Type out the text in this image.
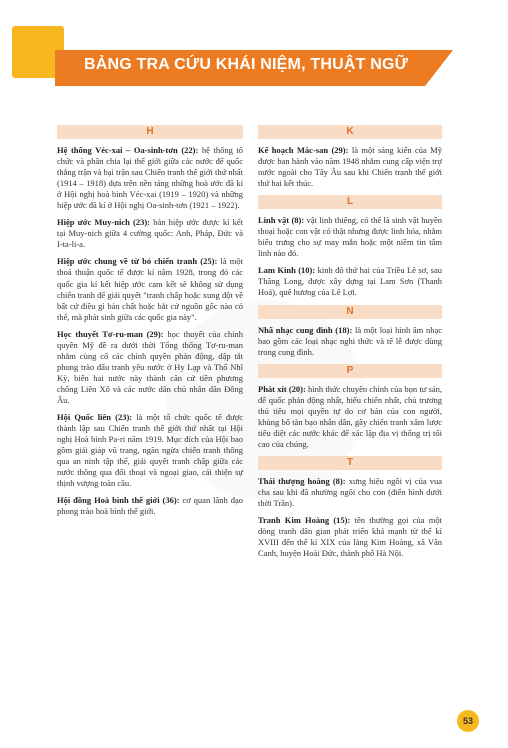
BẢNG TRA CỨU KHÁI NIỆM, THUẬT NGỮ
H

Hệ thống Véc-xai – Oa-sinh-tơn (22): hệ thống tổ chức và phân chia lại thế giới giữa các nước đế quốc thắng trận và bại trận sau Chiến tranh thế giới thứ nhất (1914 – 1918) dựa trên nền tảng những hoà ước đã kí ở Hội nghị hoà bình Véc-xai (1919 – 1920) và những hiệp ước đã kí ở Hội nghị Oa-sinh-tơn (1921 – 1922).

Hiệp ước Muy-nich (23): bản hiệp ước được kí kết tại Muy-nich giữa 4 cường quốc: Anh, Pháp, Đức và I-ta-li-a.

Hiệp ước chung về từ bỏ chiến tranh (25): là một thoả thuận quốc tế được kí năm 1928, trong đó các quốc gia kí kết hiệp ước cam kết sẽ không sử dụng chiến tranh để giải quyết "tranh chấp hoặc xung đột về bất cứ điều gì bản chất hoặc bắt cứ nguồn gốc nào có thể, mà phát sinh giữa các quốc gia này".

Học thuyết Tơ-ru-man (29): học thuyết của chính quyền Mỹ đề ra dưới thời Tổng thống Tơ-ru-man nhằm cùng cố các chính quyền phản động, dập tắt phong trào đấu tranh yêu nước ở Hy Lạp và Thổ Nhĩ Kỳ, biến hai nước này thành căn cứ tiền phương chống Liên Xô và các nước dân chủ nhân dân Đông Âu.

Hội Quốc liên (23): là một tổ chức quốc tế được thành lập sau Chiến tranh thế giới thứ nhất tại Hội nghị Hoà bình Pa-ri năm 1919. Mục đích của Hội bao gồm giải giáp vũ trang, ngăn ngừa chiến tranh thông qua an ninh tập thể, giải quyết tranh chấp giữa các nước thông qua đối thoại và ngoại giao, cải thiện sự thịnh vượng toàn cầu.

Hội đồng Hoà bình thế giới (36): cơ quan lãnh đạo phong trào hoà bình thế giới.

K

Kế hoạch Mác-san (29): là một sáng kiến của Mỹ được ban hành vào năm 1948 nhằm cung cấp viện trợ nước ngoài cho Tây Âu sau khi Chiến tranh thế giới thứ hai kết thúc.

L

Linh vật (8): vật linh thiêng, có thể là sinh vật huyền thoại hoặc con vật có thật nhưng được linh hóa, nhằm biểu trưng cho sự may mắn hoặc một niềm tin tâm linh nào đó.

Lam Kinh (10): kinh đô thứ hai của Triều Lê sơ, sau Thăng Long, được xây dựng tại Lam Sơn (Thanh Hoá), quê hương của Lê Lợi.

N

Nhã nhạc cung đình (18): là một loại hình âm nhạc bao gồm các loại nhạc nghi thức và tế lễ được dùng trong cung đình.

P

Phát xít (20): hình thức chuyên chính của bọn tư sản, đế quốc phản động nhất, hiếu chiến nhất, chủ trương thủ tiêu mọi quyền tự do cơ bản của con người, khủng bố tàn bạo nhân dân, gây chiến tranh xâm lược tiêu diệt các nước khác để xác lập địa vị thống trị tối cao của chúng.

T

Thái thượng hoàng (8): xưng hiệu ngôi vị của vua cha sau khi đã nhường ngôi cho con (điển hình dưới thời Trần).

Tranh Kim Hoàng (15): tên thường gọi của một dòng tranh dân gian phát triển khá mạnh từ thế kỉ XVIII đến thế kỉ XIX của làng Kim Hoàng, xã Vân Canh, huyện Hoài Đức, thành phố Hà Nội.

53
